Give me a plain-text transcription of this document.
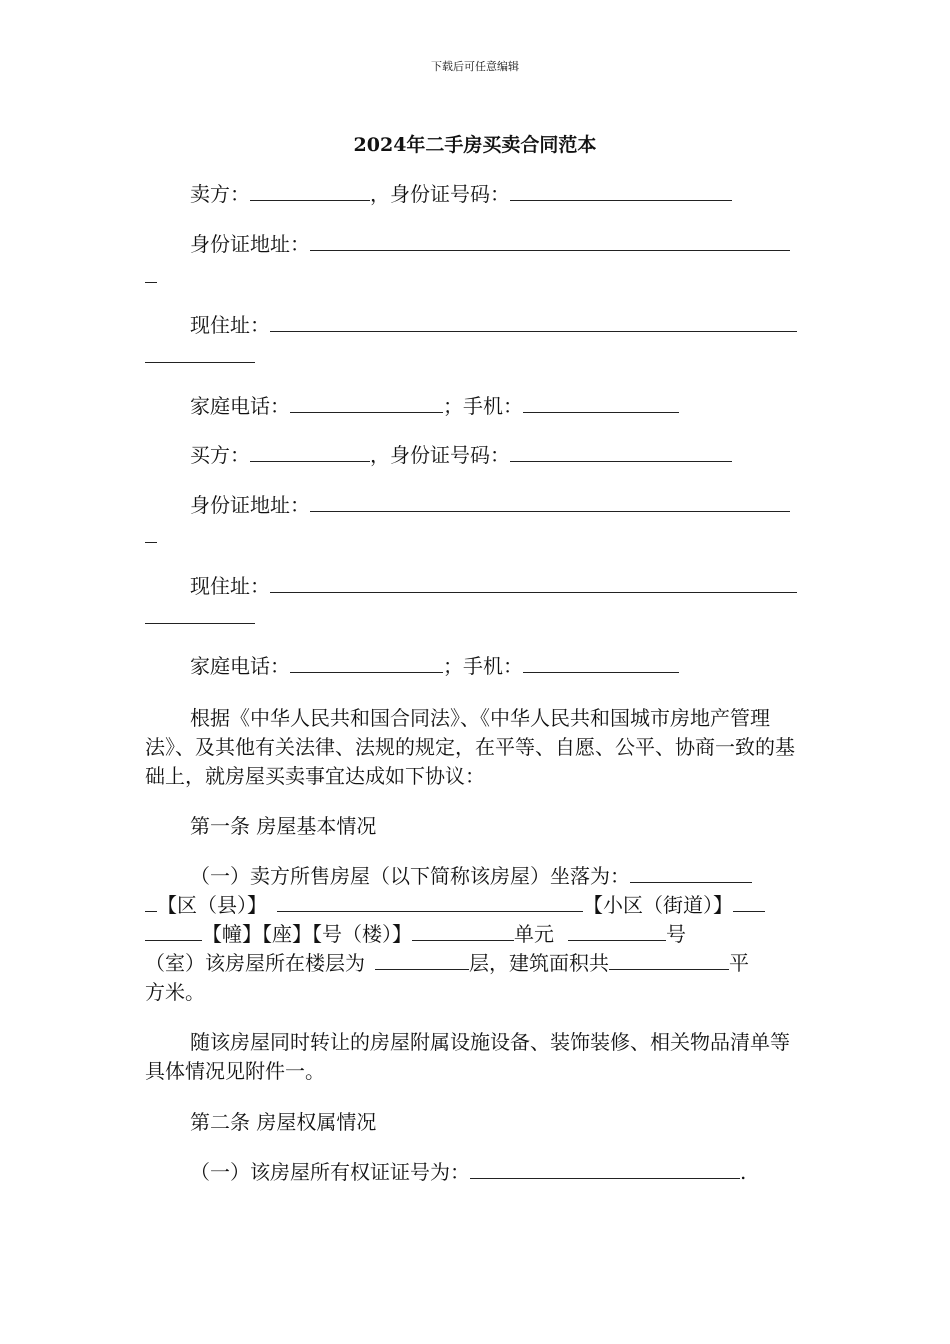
下载后可任意编辑
2024年二手房买卖合同范本
卖方：	，身份证号码：
身份证地址：
现住址：
家庭电话：	；手机：
买方：	，身份证号码：
身份证地址：
现住址：
家庭电话：	；手机：
根据《中华人民共和国合同法》、《中华人民共和国城市房地产管理法》、及其他有关法律、法规的规定，在平等、自愿、公平、协商一致的基础上，就房屋买卖事宜达成如下协议：
第一条 房屋基本情况
（一）卖方所售房屋（以下简称该房屋）坐落为：
【区（县）】	【小区（街道）】
【幢】【座】【号（楼）】	单元	号
（室）该房屋所在楼层为	层，建筑面积共	平
方米。
随该房屋同时转让的房屋附属设施设备、装饰装修、相关物品清单等具体情况见附件一。
第二条 房屋权属情况
（一）该房屋所有权证证号为：	.
